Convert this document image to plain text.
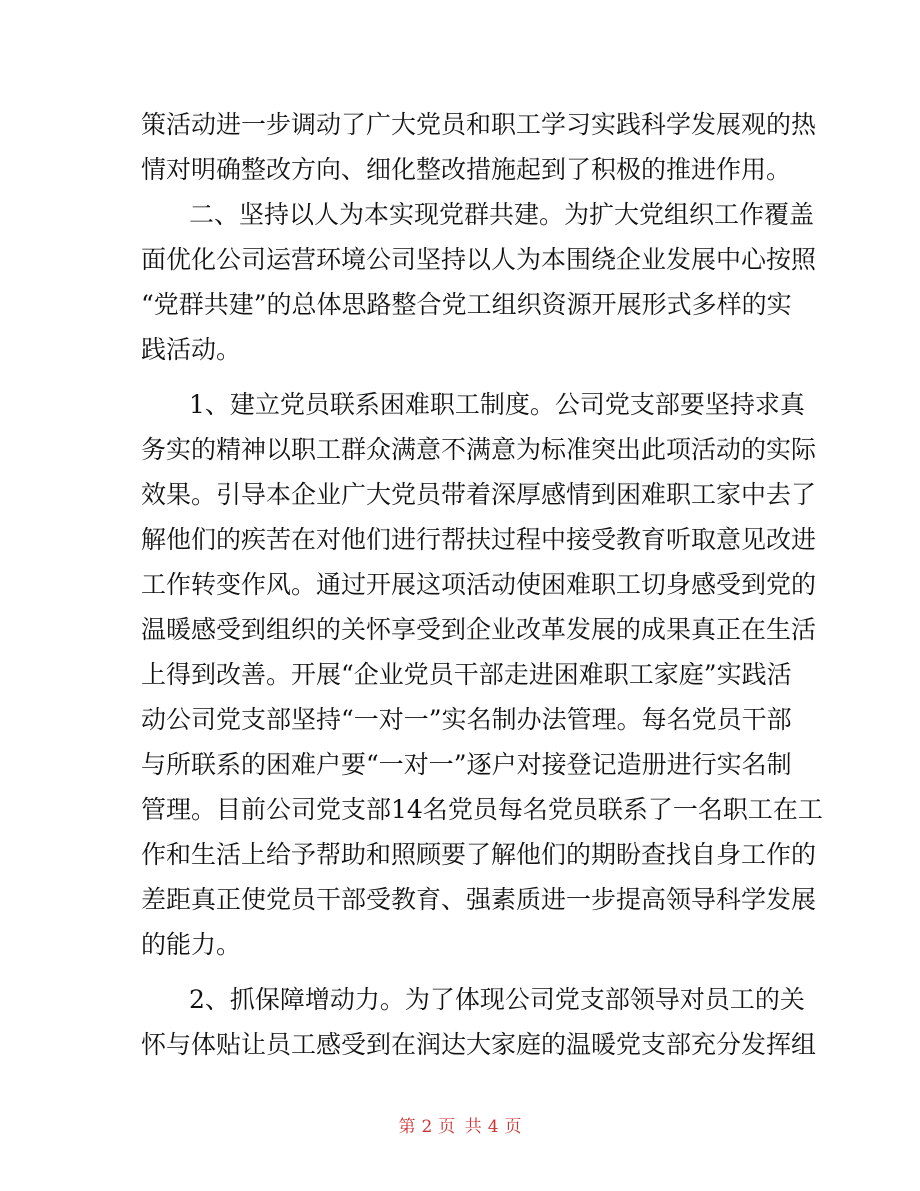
策活动进一步调动了广大党员和职工学习实践科学发展观的热
情对明确整改方向、细化整改措施起到了积极的推进作用。
二、坚持以人为本实现党群共建。为扩大党组织工作覆盖
面优化公司运营环境公司坚持以人为本围绕企业发展中心按照
“党群共建”的总体思路整合党工组织资源开展形式多样的实
践活动。
1、建立党员联系困难职工制度。公司党支部要坚持求真
务实的精神以职工群众满意不满意为标准突出此项活动的实际
效果。引导本企业广大党员带着深厚感情到困难职工家中去了
解他们的疾苦在对他们进行帮扶过程中接受教育听取意见改进
工作转变作风。通过开展这项活动使困难职工切身感受到党的
温暖感受到组织的关怀享受到企业改革发展的成果真正在生活
上得到改善。开展“企业党员干部走进困难职工家庭”实践活
动公司党支部坚持“一对一”实名制办法管理。每名党员干部
与所联系的困难户要“一对一”逐户对接登记造册进行实名制
管理。目前公司党支部14名党员每名党员联系了一名职工在工
作和生活上给予帮助和照顾要了解他们的期盼查找自身工作的
差距真正使党员干部受教育、强素质进一步提高领导科学发展
的能力。
2、抓保障增动力。为了体现公司党支部领导对员工的关
怀与体贴让员工感受到在润达大家庭的温暖党支部充分发挥组
第 2 页 共 4 页
